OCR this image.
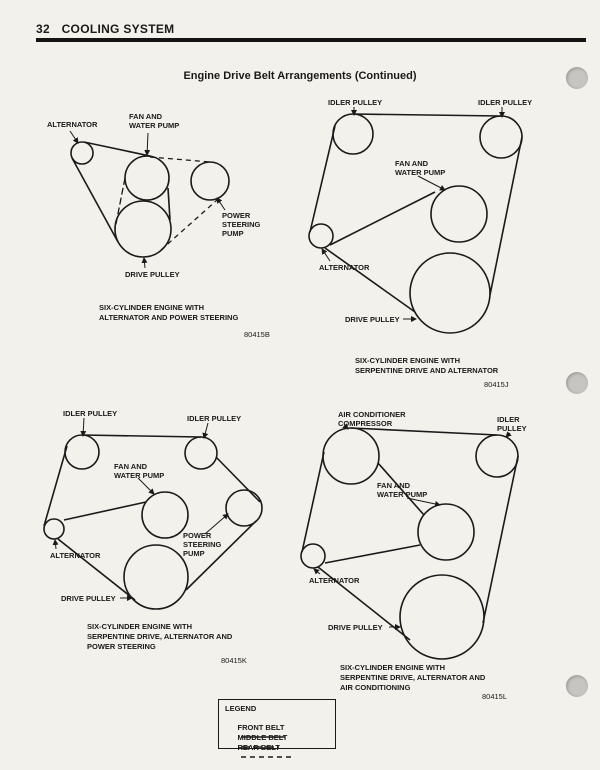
32 COOLING SYSTEM
Engine Drive Belt Arrangements (Continued)
ALTERNATOR
FAN AND
WATER PUMP
POWER
STEERING
PUMP
DRIVE PULLEY
SIX-CYLINDER ENGINE WITH
ALTERNATOR AND POWER STEERING
80415B
IDLER PULLEY	IDLER PULLEY
FAN AND
WATER PUMP
ALTERNATOR
DRIVE PULLEY
SIX-CYLINDER ENGINE WITH
SERPENTINE DRIVE AND ALTERNATOR
80415J
IDLER PULLEY
IDLER PULLEY
FAN AND
WATER PUMP
POWER
STEERING
PUMP
ALTERNATOR
DRIVE PULLEY
SIX-CYLINDER ENGINE WITH
SERPENTINE DRIVE, ALTERNATOR AND
POWER STEERING
80415K
AIR CONDITIONER
COMPRESSOR	IDLER
PULLEY
FAN AND
WATER PUMP
ALTERNATOR
DRIVE PULLEY
SIX-CYLINDER ENGINE WITH
SERPENTINE DRIVE, ALTERNATOR AND
AIR CONDITIONING
80415L
LEGEND

FRONT BELT

MIDDLE BELT

REAR BELT
